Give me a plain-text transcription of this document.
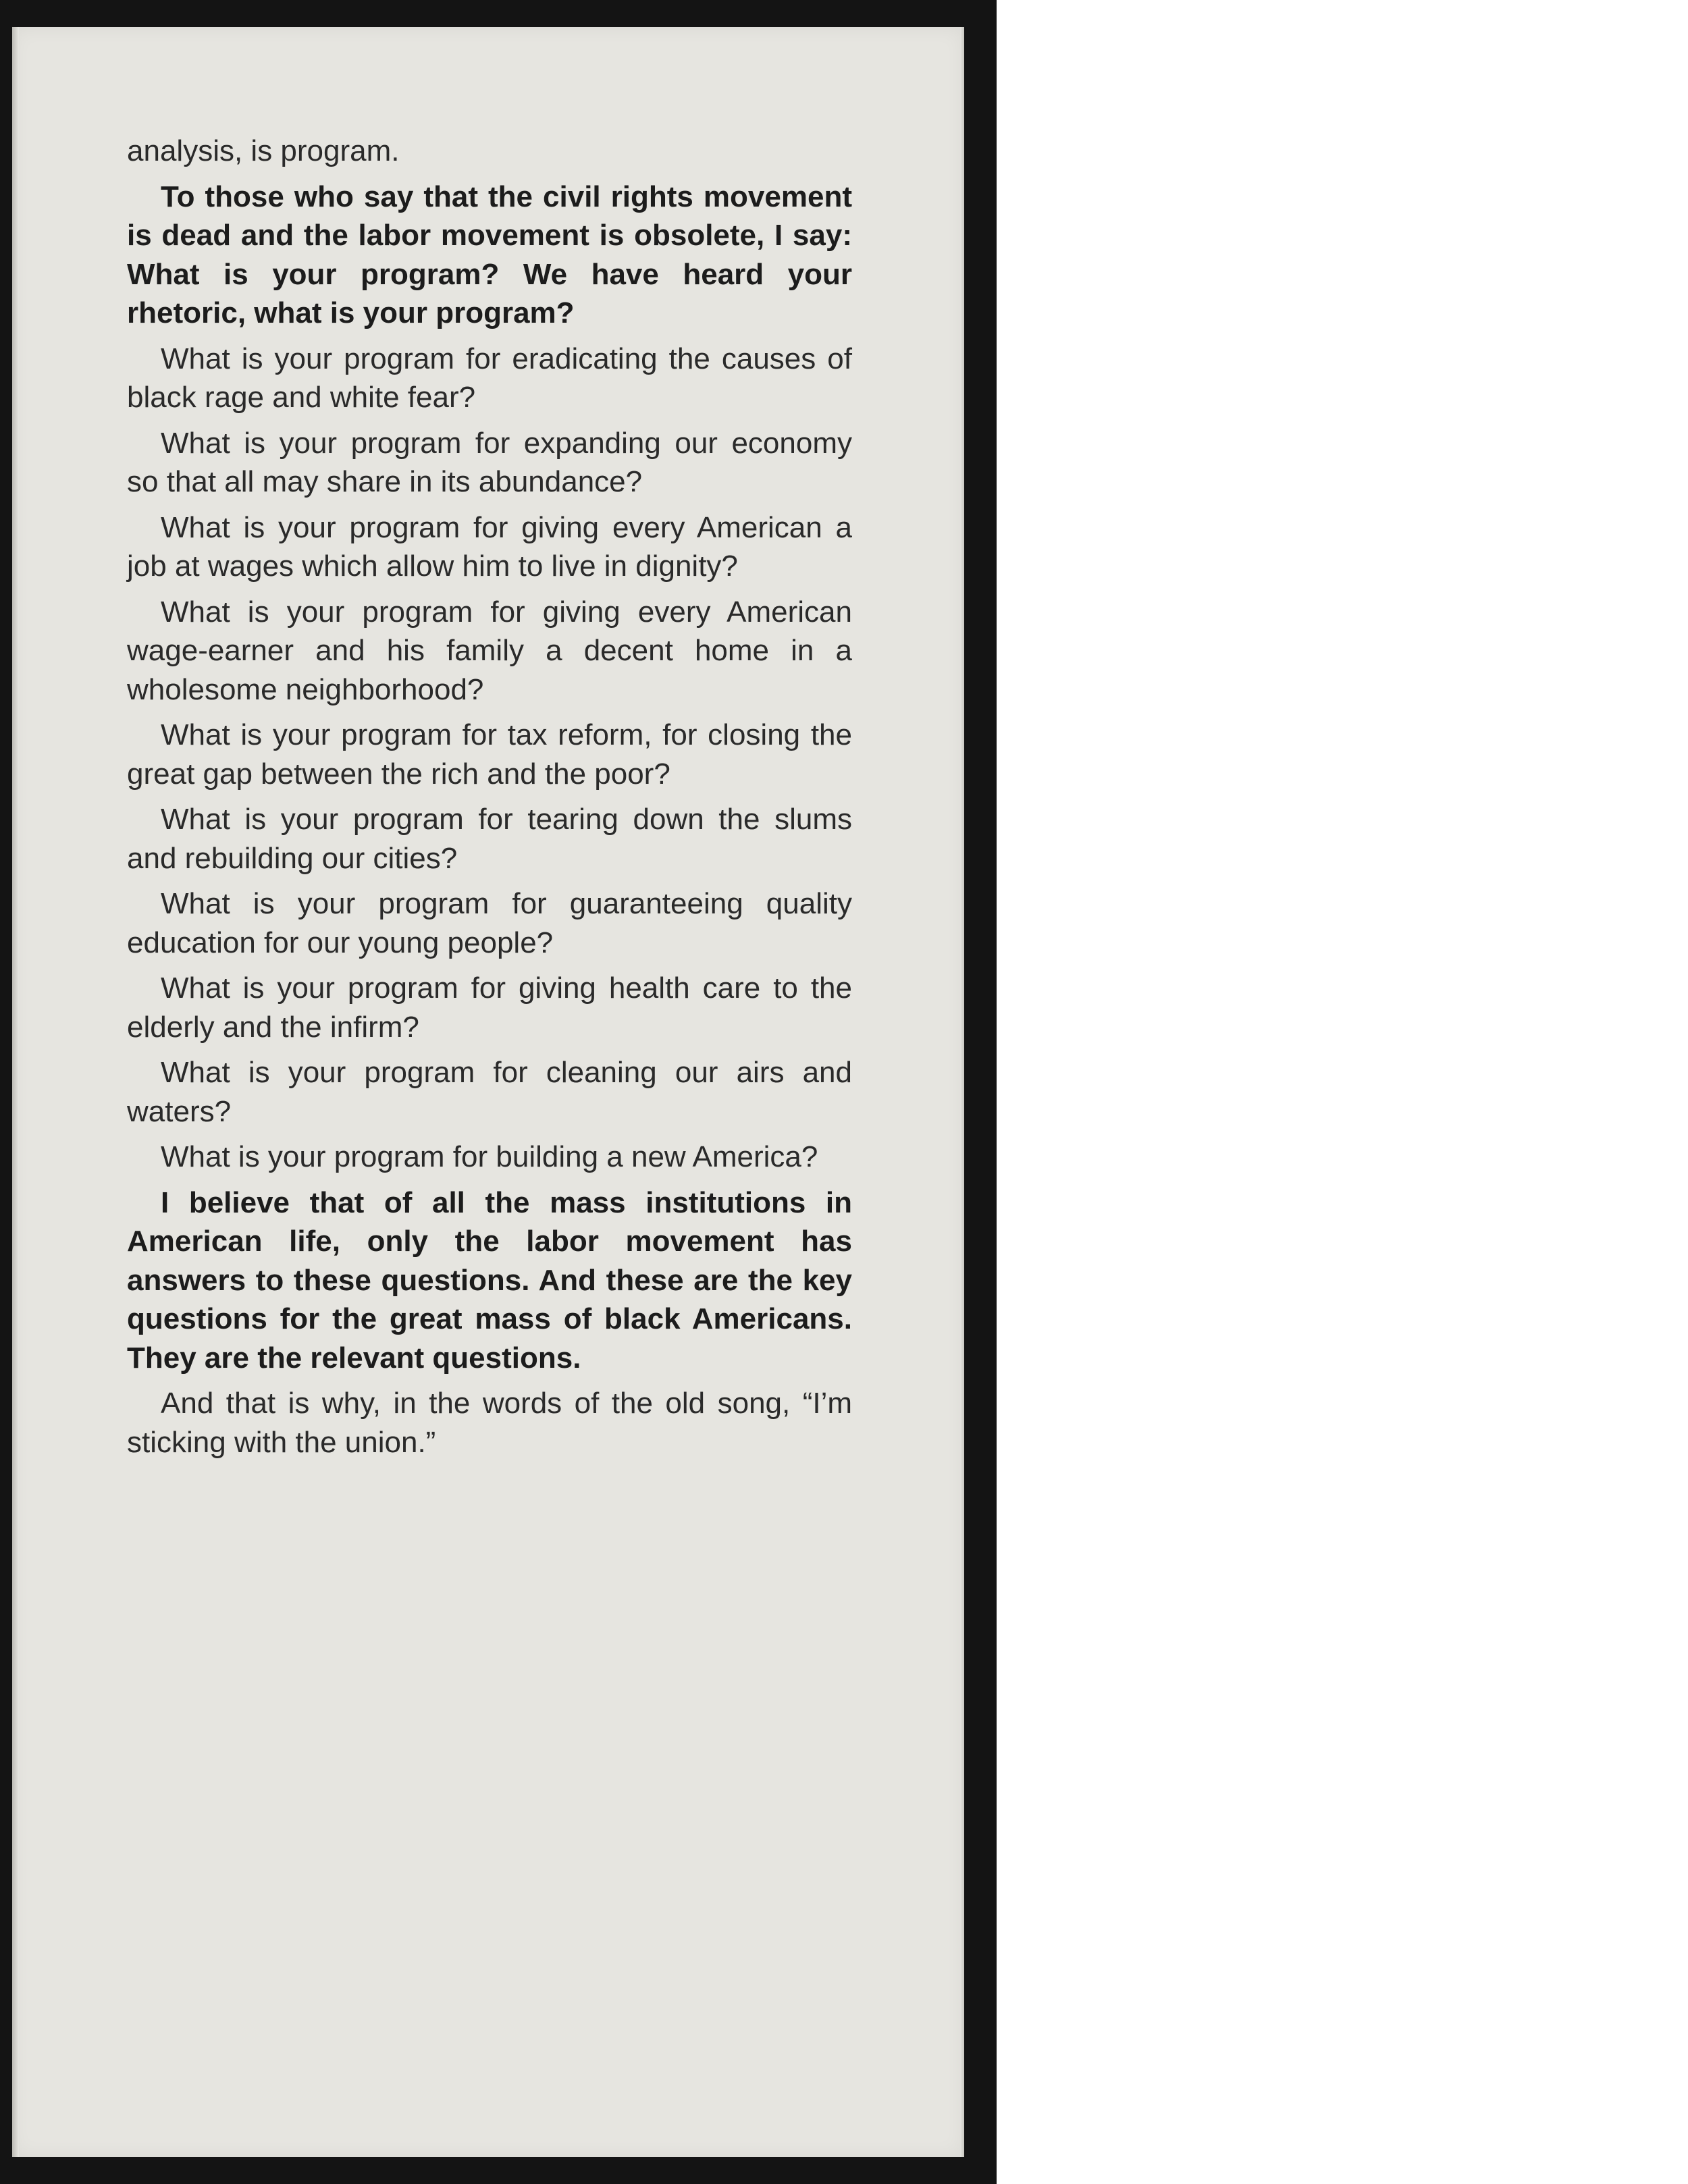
analysis, is program.

To those who say that the civil rights movement is dead and the labor movement is obsolete, I say: What is your program? We have heard your rhetoric, what is your program?

What is your program for eradicating the causes of black rage and white fear?

What is your program for expanding our economy so that all may share in its abundance?

What is your program for giving every American a job at wages which allow him to live in dignity?

What is your program for giving every American wage-earner and his family a decent home in a wholesome neighborhood?

What is your program for tax reform, for closing the great gap between the rich and the poor?

What is your program for tearing down the slums and rebuilding our cities?

What is your program for guaranteeing quality education for our young people?

What is your program for giving health care to the elderly and the infirm?

What is your program for cleaning our airs and waters?

What is your program for building a new America?

I believe that of all the mass institutions in American life, only the labor movement has answers to these questions. And these are the key questions for the great mass of black Americans. They are the relevant questions.

And that is why, in the words of the old song, “I’m sticking with the union.”
